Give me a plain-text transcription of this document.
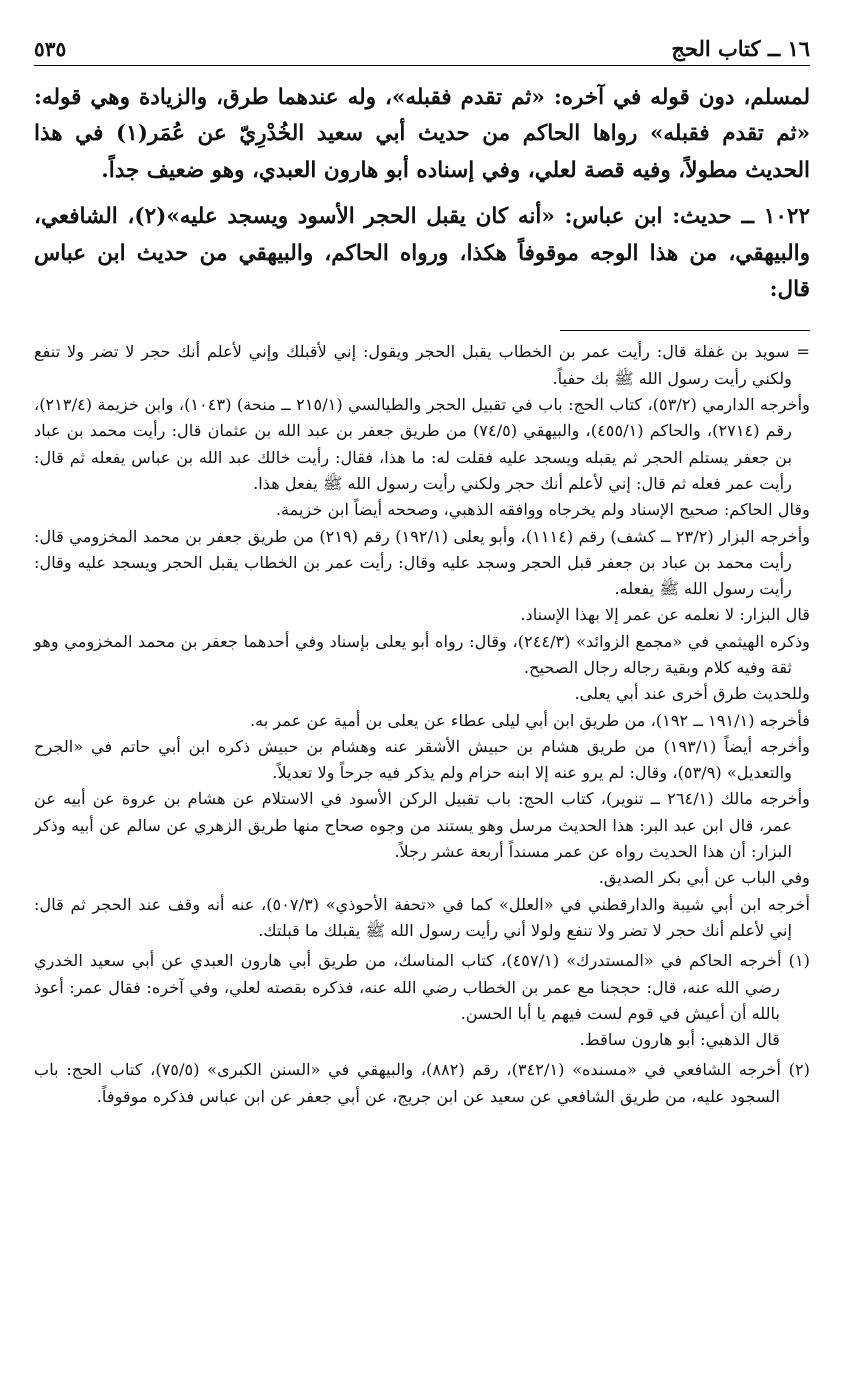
١٦ ــ كتاب الحج
٥٣٥

لمسلم، دون قوله في آخره: «ثم تقدم فقبله»، وله عندهما طرق، والزيادة وهي قوله: «ثم تقدم فقبله» رواها الحاكم من حديث أبي سعيد الخُدْرِيّ عن عُمَر(١) في هذا الحديث مطولاً، وفيه قصة لعلي، وفي إسناده أبو هارون العبدي، وهو ضعيف جداً.

١٠٢٢ ــ حديث: ابن عباس: «أنه كان يقبل الحجر الأسود ويسجد عليه»(٢)، الشافعي، والبيهقي، من هذا الوجه موقوفاً هكذا، ورواه الحاكم، والبيهقي من حديث ابن عباس قال:

= سويد بن غفلة قال: رأيت عمر بن الخطاب يقبل الحجر ويقول: إني لأقبلك وإني لأعلم أنك حجر لا تضر ولا تنفع ولكني رأيت رسول الله ﷺ بك حفياً.

وأخرجه الدارمي (٥٣/٢)، كتاب الحج: باب في تقبيل الحجر والطيالسي (٢١٥/١ ــ منحة) (١٠٤٣)، وابن خزيمة (٢١٣/٤)، رقم (٢٧١٤)، والحاكم (٤٥٥/١)، والبيهقي (٧٤/٥) من طريق جعفر بن عبد الله بن عثمان قال: رأيت محمد بن عباد بن جعفر يستلم الحجر ثم يقبله ويسجد عليه فقلت له: ما هذا، فقال: رأيت خالك عبد الله بن عباس يفعله ثم قال: رأيت عمر فعله ثم قال: إني لأعلم أنك حجر ولكني رأيت رسول الله ﷺ يفعل هذا.

وقال الحاكم: صحيح الإسناد ولم يخرجاه ووافقه الذهبي، وصححه أيضاً ابن خزيمة.

وأخرجه البزار (٢٣/٢ ــ كشف) رقم (١١١٤)، وأبو يعلى (١٩٢/١) رقم (٢١٩) من طريق جعفر بن محمد المخزومي قال: رأيت محمد بن عباد بن جعفر قبل الحجر وسجد عليه وقال: رأيت عمر بن الخطاب يقبل الحجر ويسجد عليه وقال: رأيت رسول الله ﷺ يفعله.

قال البزار: لا نعلمه عن عمر إلا بهذا الإسناد.

وذكره الهيثمي في «مجمع الزوائد» (٢٤٤/٣)، وقال: رواه أبو يعلى بإسناد وفي أحدهما جعفر بن محمد المخزومي وهو ثقة وفيه كلام وبقية رجاله رجال الصحيح.

وللحديث طرق أخرى عند أبي يعلى.

فأخرجه (١٩١/١ ــ ١٩٢)، من طريق ابن أبي ليلى عطاء عن يعلى بن أمية عن عمر به.

وأخرجه أيضاً (١٩٣/١) من طريق هشام بن حبيش الأشقر عنه وهشام بن حبيش ذكره ابن أبي حاتم في «الجرح والتعديل» (٥٣/٩)، وقال: لم يرو عنه إلا ابنه حزام ولم يذكر فيه جرحاً ولا تعديلاً.

وأخرجه مالك (٢٦٤/١ ــ تنوير)، كتاب الحج: باب تقبيل الركن الأسود في الاستلام عن هشام بن عروة عن أبيه عن عمر، قال ابن عبد البر: هذا الحديث مرسل وهو يستند من وجوه صحاح منها طريق الزهري عن سالم عن أبيه وذكر البزار: أن هذا الحديث رواه عن عمر مسنداً أربعة عشر رجلاً.

وفي الباب عن أبي بكر الصديق.

أخرجه ابن أبي شيبة والدارقطني في «العلل» كما في «تحفة الأحوذي» (٥٠٧/٣)، عنه أنه وقف عند الحجر ثم قال: إني لأعلم أنك حجر لا تضر ولا تنفع ولولا أني رأيت رسول الله ﷺ يقبلك ما قبلتك.

(١) أخرجه الحاكم في «المستدرك» (٤٥٧/١)، كتاب المناسك، من طريق أبي هارون العبدي عن أبي سعيد الخدري رضي الله عنه، قال: حججنا مع عمر بن الخطاب رضي الله عنه، فذكره بقصته لعلي، وفي آخره: فقال عمر: أعوذ بالله أن أعيش في قوم لست فيهم يا أبا الحسن.

قال الذهبي: أبو هارون ساقط.

(٢) أخرجه الشافعي في «مسنده» (٣٤٢/١)، رقم (٨٨٢)، والبيهقي في «السنن الكبرى» (٧٥/٥)، كتاب الحج: باب السجود عليه، من طريق الشافعي عن سعيد عن ابن جريج، عن أبي جعفر عن ابن عباس فذكره موقوفاً.
